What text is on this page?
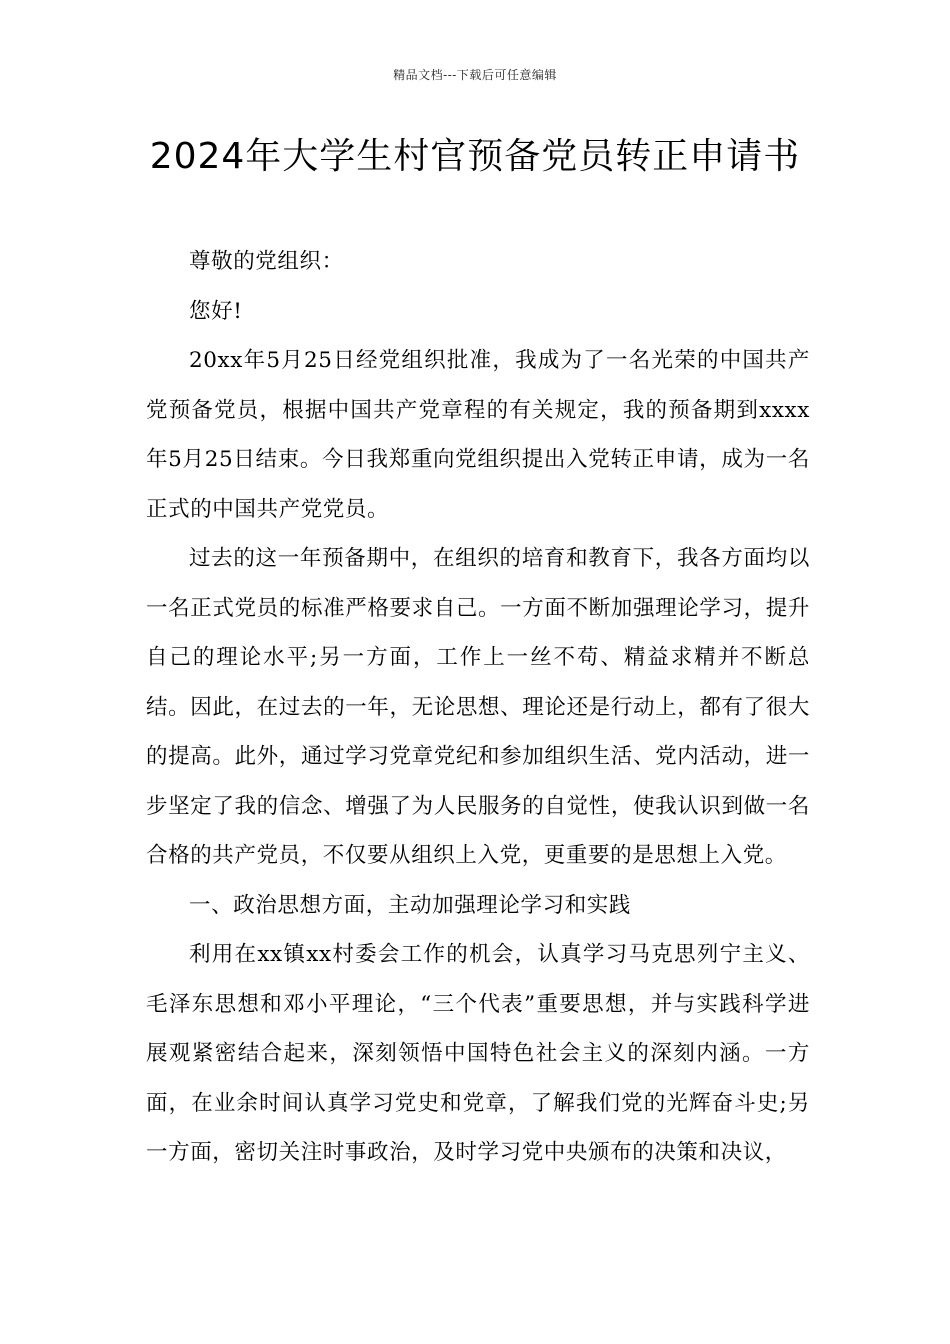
精品文档---下载后可任意编辑
2024年大学生村官预备党员转正申请书

尊敬的党组织：

您好!

20xx年5月25日经党组织批准，我成为了一名光荣的中国共产党预备党员，根据中国共产党章程的有关规定，我的预备期到xxxx年5月25日结束。今日我郑重向党组织提出入党转正申请，成为一名正式的中国共产党党员。

过去的这一年预备期中，在组织的培育和教育下，我各方面均以一名正式党员的标准严格要求自己。一方面不断加强理论学习，提升自己的理论水平;另一方面，工作上一丝不苟、精益求精并不断总结。因此，在过去的一年，无论思想、理论还是行动上，都有了很大的提高。此外，通过学习党章党纪和参加组织生活、党内活动，进一步坚定了我的信念、增强了为人民服务的自觉性，使我认识到做一名合格的共产党员，不仅要从组织上入党，更重要的是思想上入党。

一、政治思想方面，主动加强理论学习和实践

利用在xx镇xx村委会工作的机会，认真学习马克思列宁主义、毛泽东思想和邓小平理论，“三个代表”重要思想，并与实践科学进展观紧密结合起来，深刻领悟中国特色社会主义的深刻内涵。一方面，在业余时间认真学习党史和党章，了解我们党的光辉奋斗史;另一方面，密切关注时事政治，及时学习党中央颁布的决策和决议，
